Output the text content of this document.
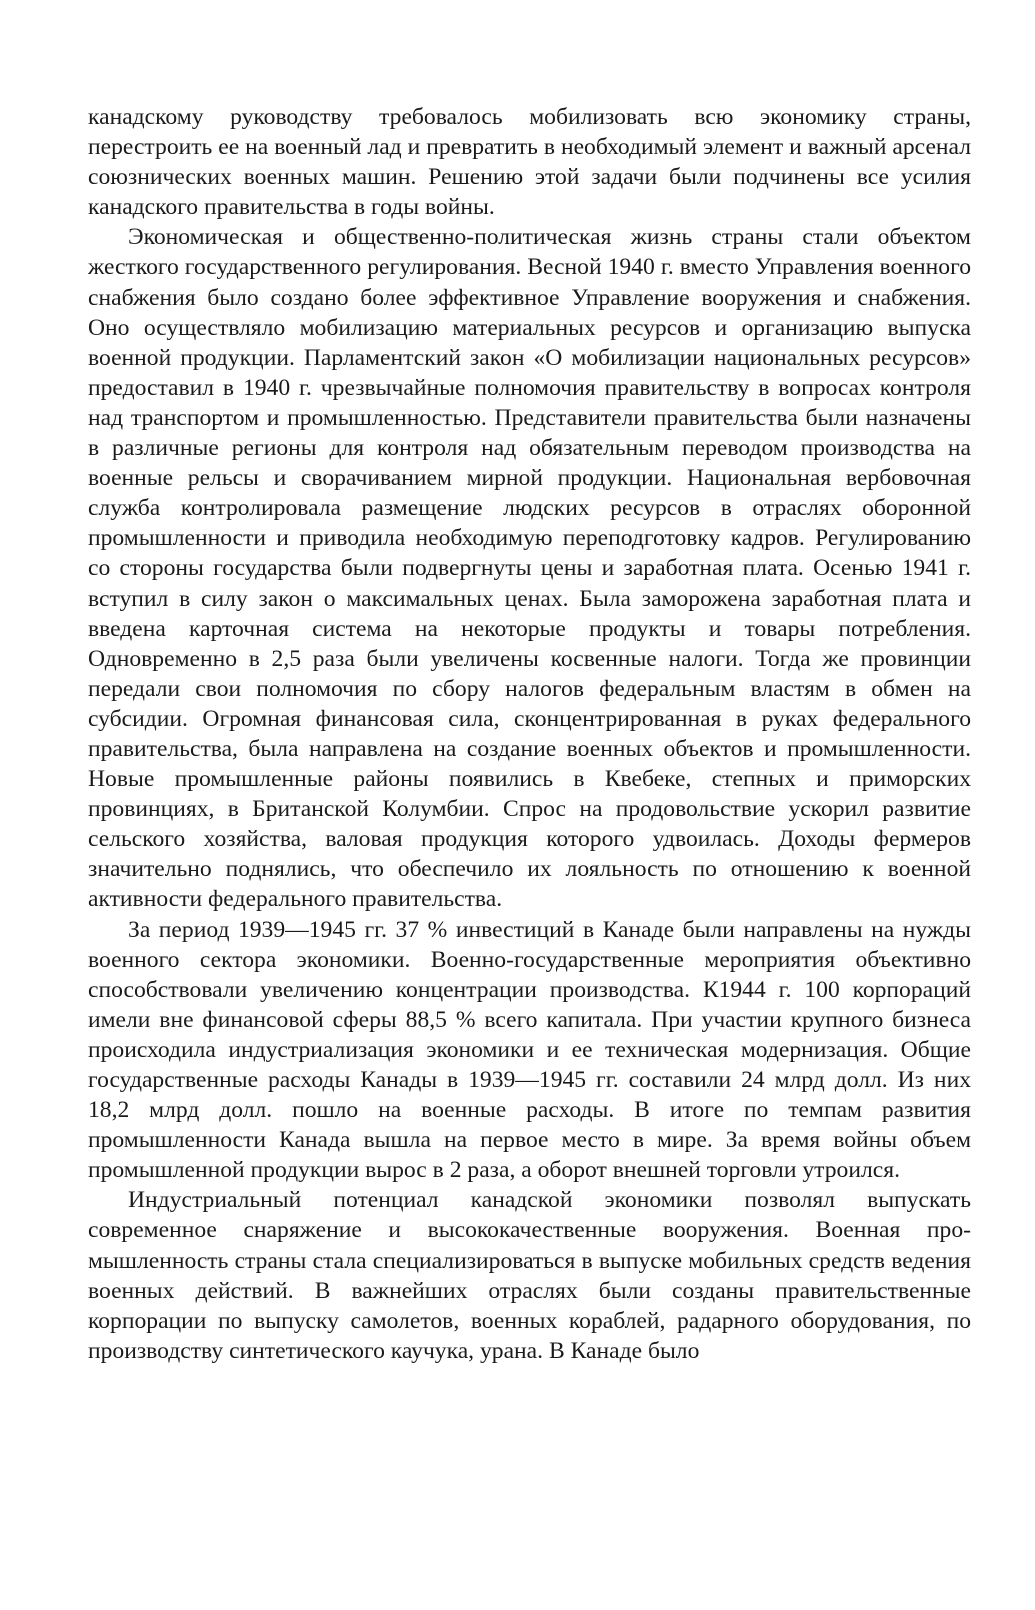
канадскому руководству требовалось мобилизовать всю экономику страны, перестроить ее на военный лад и превратить в необходимый элемент и важный арсенал союзнических военных машин. Решению этой задачи были подчинены все усилия канадского правительства в годы войны.

Экономическая и общественно-политическая жизнь страны стали объектом жесткого государственного регулирования. Весной 1940 г. вместо Управления военного снабжения было создано более эффективное Управление вооружения и снабжения. Оно осуществляло мобилизацию материальных ресурсов и организацию выпуска военной продукции. Парламентский закон «О мобилизации национальных ресурсов» предоставил в 1940 г. чрезвычайные полномочия правительству в вопросах контроля над транспортом и промышленностью. Представители правительства были назначены в различные регионы для контроля над обязательным переводом производства на военные рельсы и сворачиванием мирной продукции. Национальная вербовочная служба контролировала размещение людских ресурсов в отраслях оборонной промышленности и приводила необходимую переподготовку кадров. Регулированию со стороны государства были подвергнуты цены и заработная плата. Осенью 1941 г. вступил в силу закон о максимальных ценах. Была заморожена заработная плата и введена карточная система на некоторые продукты и товары потребления. Одновременно в 2,5 раза были увеличены косвенные налоги. Тогда же провинции передали свои полномочия по сбору налогов федеральным властям в обмен на субсидии. Огромная финансовая сила, сконцентрированная в руках федерального правительства, была направлена на создание военных объектов и промышленности. Новые промышленные районы появились в Квебеке, степных и приморских провинциях, в Британской Колумбии. Спрос на продовольствие ускорил развитие сельского хозяйства, валовая продукция которого удвоилась. Доходы фермеров значительно поднялись, что обеспечило их лояльность по отношению к военной активности федерального правительства.

За период 1939—1945 гг. 37 % инвестиций в Канаде были направлены на нужды военного сектора экономики. Военно-государственные мероприятия объективно способствовали увеличению концентрации производства. К1944 г. 100 корпораций имели вне финансовой сферы 88,5 % всего капитала. При участии крупного бизнеса происходила индустриализация экономики и ее техническая модернизация. Общие государственные расходы Канады в 1939—1945 гг. составили 24 млрд долл. Из них 18,2 млрд долл. пошло на военные расходы. В итоге по темпам развития промышленности Канада вышла на первое место в мире. За время войны объем промышленной продукции вырос в 2 раза, а оборот внешней торговли утроился.

Индустриальный потенциал канадской экономики позволял выпускать современное снаряжение и высококачественные вооружения. Военная промышленность страны стала специализироваться в выпуске мобильных средств ведения военных действий. В важнейших отраслях были созданы правительственные корпорации по выпуску самолетов, военных кораблей, радарного оборудования, по производству синтетического каучука, урана. В Канаде было
